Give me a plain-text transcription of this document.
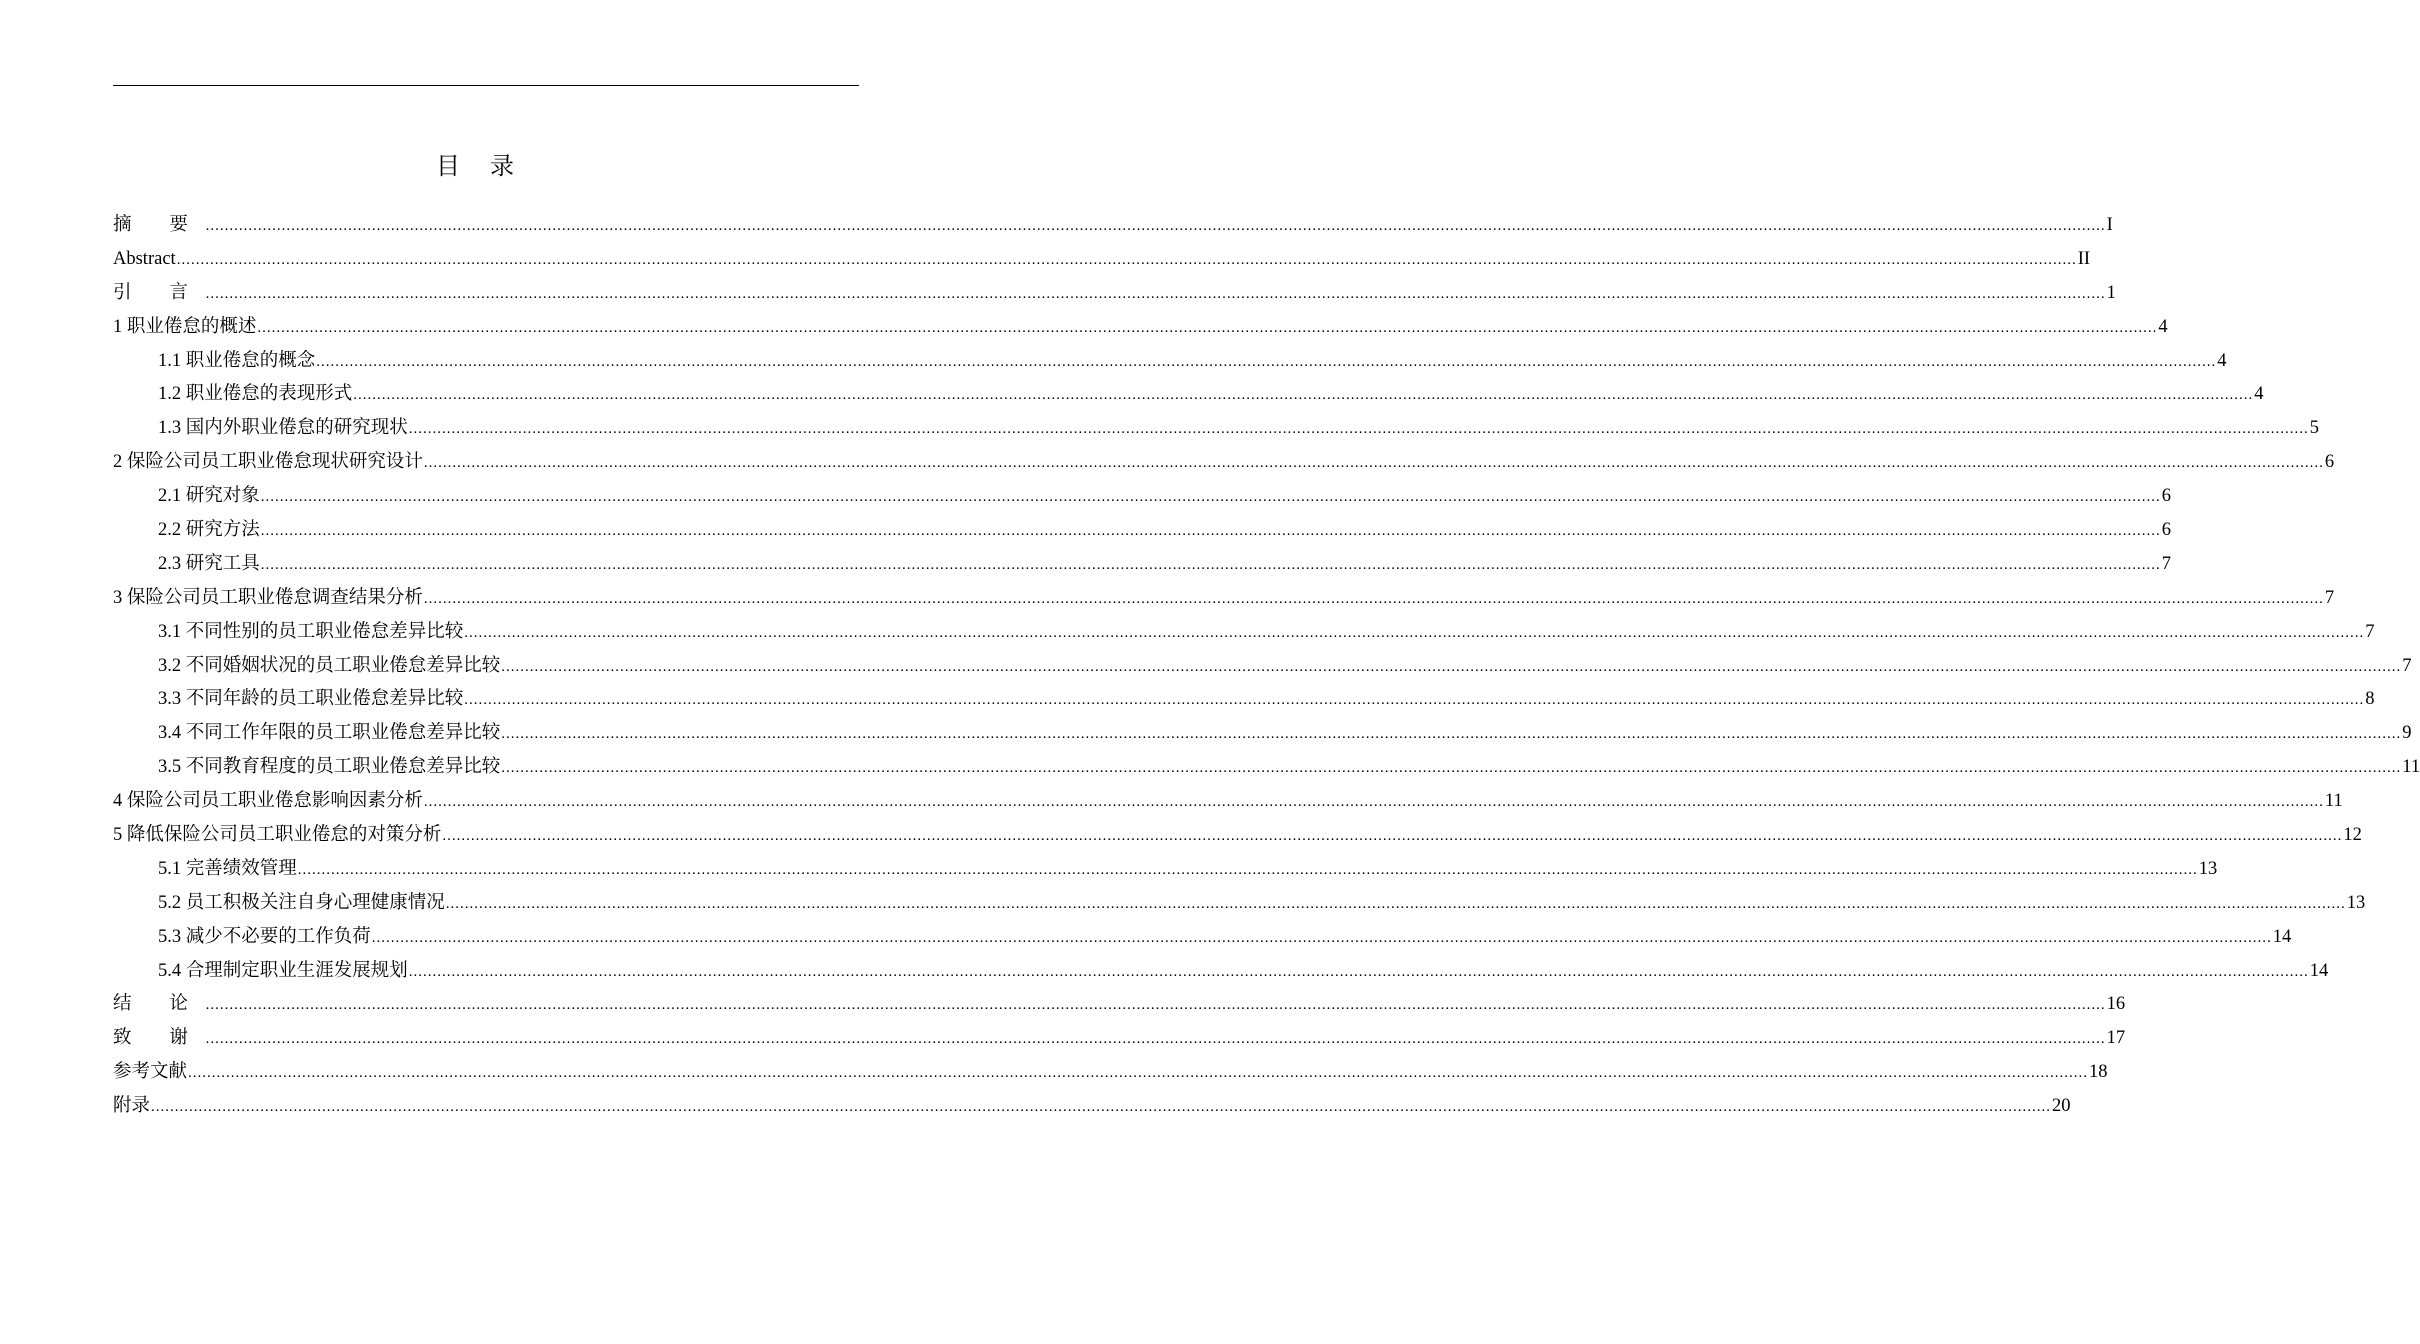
目 录
摘 要 ................................................................................................................................................................................................................................................................................................................................................................................................................ I
Abstract ................................................................................................................................................................................................................................................................................................................................................................................................................ II
引 言 ................................................................................................................................................................................................................................................................................................................................................................................................................ 1
1 职业倦怠的概述 ................................................................................................................................................................................................................................................................................................................................................................................................................ 4
1.1 职业倦怠的概念 ................................................................................................................................................................................................................................................................................................................................................................................................................ 4
1.2 职业倦怠的表现形式 ................................................................................................................................................................................................................................................................................................................................................................................................................ 4
1.3 国内外职业倦怠的研究现状 ................................................................................................................................................................................................................................................................................................................................................................................................................ 5
2 保险公司员工职业倦怠现状研究设计 ................................................................................................................................................................................................................................................................................................................................................................................................................ 6
2.1 研究对象 ................................................................................................................................................................................................................................................................................................................................................................................................................ 6
2.2 研究方法 ................................................................................................................................................................................................................................................................................................................................................................................................................ 6
2.3 研究工具 ................................................................................................................................................................................................................................................................................................................................................................................................................ 7
3 保险公司员工职业倦怠调查结果分析 ................................................................................................................................................................................................................................................................................................................................................................................................................ 7
3.1 不同性别的员工职业倦怠差异比较 ................................................................................................................................................................................................................................................................................................................................................................................................................ 7
3.2 不同婚姻状况的员工职业倦怠差异比较 ................................................................................................................................................................................................................................................................................................................................................................................................................ 7
3.3 不同年龄的员工职业倦怠差异比较 ................................................................................................................................................................................................................................................................................................................................................................................................................ 8
3.4 不同工作年限的员工职业倦怠差异比较 ................................................................................................................................................................................................................................................................................................................................................................................................................ 9
3.5 不同教育程度的员工职业倦怠差异比较 ................................................................................................................................................................................................................................................................................................................................................................................................................ 11
4 保险公司员工职业倦怠影响因素分析 ................................................................................................................................................................................................................................................................................................................................................................................................................ 11
5 降低保险公司员工职业倦怠的对策分析 ................................................................................................................................................................................................................................................................................................................................................................................................................ 12
5.1 完善绩效管理 ................................................................................................................................................................................................................................................................................................................................................................................................................ 13
5.2 员工积极关注自身心理健康情况 ................................................................................................................................................................................................................................................................................................................................................................................................................ 13
5.3 减少不必要的工作负荷 ................................................................................................................................................................................................................................................................................................................................................................................................................ 14
5.4 合理制定职业生涯发展规划 ................................................................................................................................................................................................................................................................................................................................................................................................................ 14
结 论 ................................................................................................................................................................................................................................................................................................................................................................................................................ 16
致 谢 ................................................................................................................................................................................................................................................................................................................................................................................................................ 17
参考文献 ................................................................................................................................................................................................................................................................................................................................................................................................................ 18
附录 ................................................................................................................................................................................................................................................................................................................................................................................................................ 20
